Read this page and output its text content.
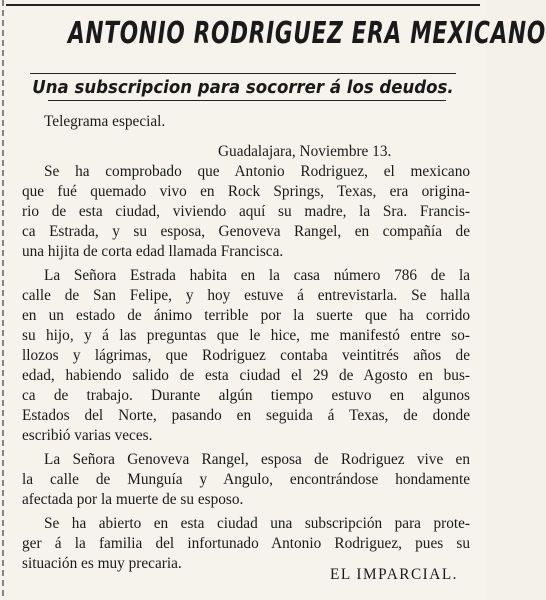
ANTONIO RODRIGUEZ ERA MEXICANO
Una subscripcion para socorrer á los deudos.
Telegrama especial.
Guadalajara, Noviembre 13.
Se ha comprobado que Antonio Rodriguez, el mexicano
que fué quemado vivo en Rock Springs, Texas, era origina-
rio de esta ciudad, viviendo aquí su madre, la Sra. Francis-
ca Estrada, y su esposa, Genoveva Rangel, en compañía de
una hijita de corta edad llamada Francisca.
La Señora Estrada habita en la casa número 786 de la
calle de San Felipe, y hoy estuve á entrevistarla. Se halla
en un estado de ánimo terrible por la suerte que ha corrido
su hijo, y á las preguntas que le hice, me manifestó entre so-
llozos y lágrimas, que Rodriguez contaba veintitrés años de
edad, habiendo salido de esta ciudad el 29 de Agosto en bus-
ca de trabajo. Durante algún tiempo estuvo en algunos
Estados del Norte, pasando en seguida á Texas, de donde
escribió varias veces.
La Señora Genoveva Rangel, esposa de Rodriguez vive en
la calle de Munguía y Angulo, encontrándose hondamente
afectada por la muerte de su esposo.
Se ha abierto en esta ciudad una subscripción para prote-
ger á la familia del infortunado Antonio Rodriguez, pues su
situación es muy precaria.
EL IMPARCIAL.
